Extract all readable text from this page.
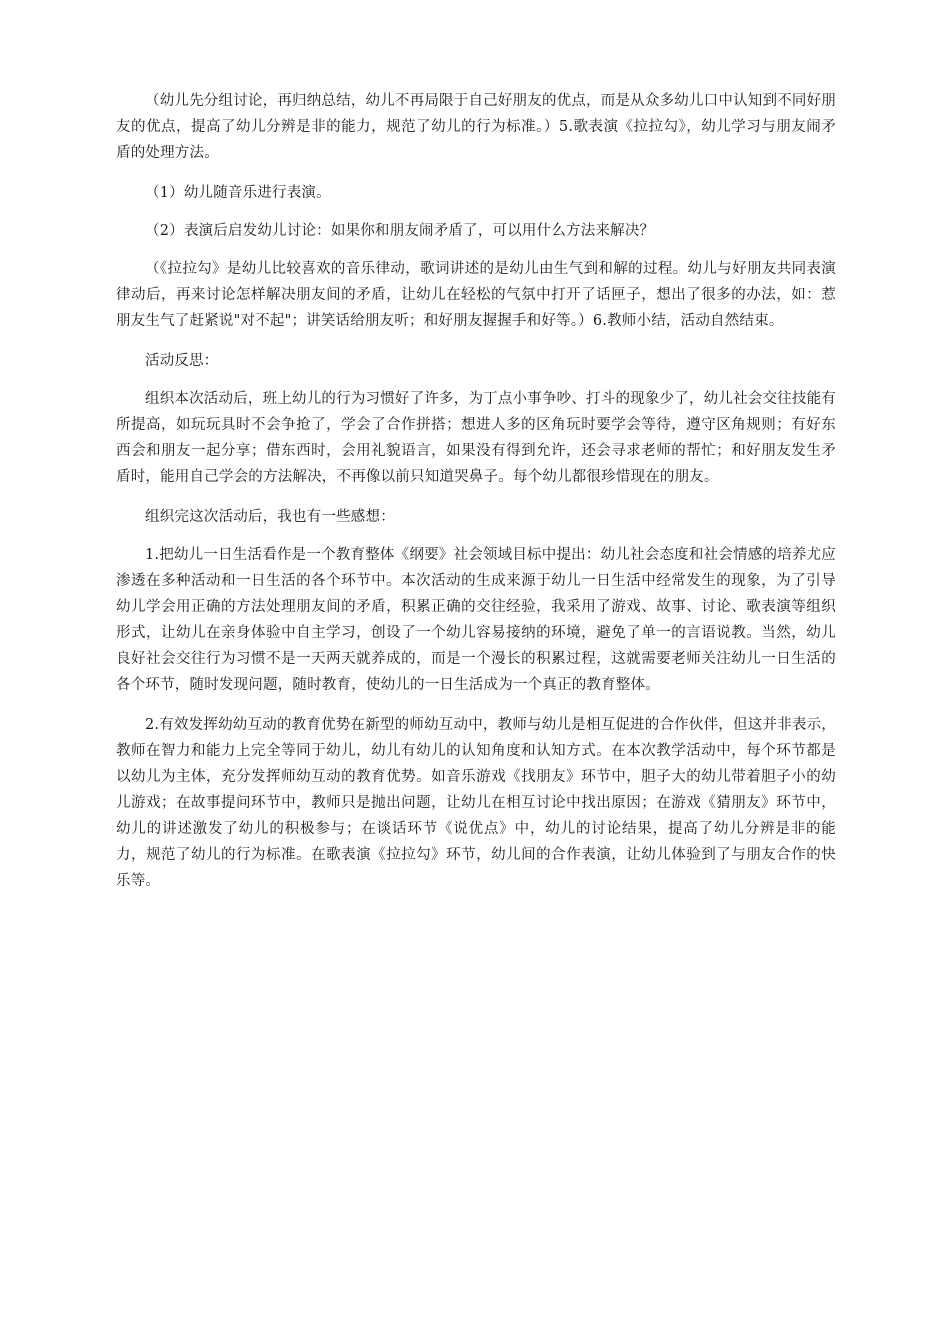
（幼儿先分组讨论，再归纳总结，幼儿不再局限于自己好朋友的优点，而是从众多幼儿口中认知到不同好朋友的优点，提高了幼儿分辨是非的能力，规范了幼儿的行为标准。）5.歌表演《拉拉勾》，幼儿学习与朋友闹矛盾的处理方法。

（1）幼儿随音乐进行表演。

（2）表演后启发幼儿讨论：如果你和朋友闹矛盾了，可以用什么方法来解决？

（《拉拉勾》是幼儿比较喜欢的音乐律动，歌词讲述的是幼儿由生气到和解的过程。幼儿与好朋友共同表演律动后，再来讨论怎样解决朋友间的矛盾，让幼儿在轻松的气氛中打开了话匣子，想出了很多的办法，如：惹朋友生气了赶紧说"对不起"；讲笑话给朋友听；和好朋友握握手和好等。）6.教师小结，活动自然结束。

活动反思：

组织本次活动后，班上幼儿的行为习惯好了许多，为丁点小事争吵、打斗的现象少了，幼儿社会交往技能有所提高，如玩玩具时不会争抢了，学会了合作拼搭；想进人多的区角玩时要学会等待，遵守区角规则；有好东西会和朋友一起分享；借东西时，会用礼貌语言，如果没有得到允许，还会寻求老师的帮忙；和好朋友发生矛盾时，能用自己学会的方法解决，不再像以前只知道哭鼻子。每个幼儿都很珍惜现在的朋友。

组织完这次活动后，我也有一些感想：

1.把幼儿一日生活看作是一个教育整体《纲要》社会领域目标中提出：幼儿社会态度和社会情感的培养尤应渗透在多种活动和一日生活的各个环节中。本次活动的生成来源于幼儿一日生活中经常发生的现象，为了引导幼儿学会用正确的方法处理朋友间的矛盾，积累正确的交往经验，我采用了游戏、故事、讨论、歌表演等组织形式，让幼儿在亲身体验中自主学习，创设了一个幼儿容易接纳的环境，避免了单一的言语说教。当然，幼儿良好社会交往行为习惯不是一天两天就养成的，而是一个漫长的积累过程，这就需要老师关注幼儿一日生活的各个环节，随时发现问题，随时教育，使幼儿的一日生活成为一个真正的教育整体。

2.有效发挥幼幼互动的教育优势在新型的师幼互动中，教师与幼儿是相互促进的合作伙伴，但这并非表示，教师在智力和能力上完全等同于幼儿，幼儿有幼儿的认知角度和认知方式。在本次教学活动中，每个环节都是以幼儿为主体，充分发挥师幼互动的教育优势。如音乐游戏《找朋友》环节中，胆子大的幼儿带着胆子小的幼儿游戏；在故事提问环节中，教师只是抛出问题，让幼儿在相互讨论中找出原因；在游戏《猜朋友》环节中，幼儿的讲述激发了幼儿的积极参与；在谈话环节《说优点》中，幼儿的讨论结果，提高了幼儿分辨是非的能力，规范了幼儿的行为标准。在歌表演《拉拉勾》环节，幼儿间的合作表演，让幼儿体验到了与朋友合作的快乐等。
